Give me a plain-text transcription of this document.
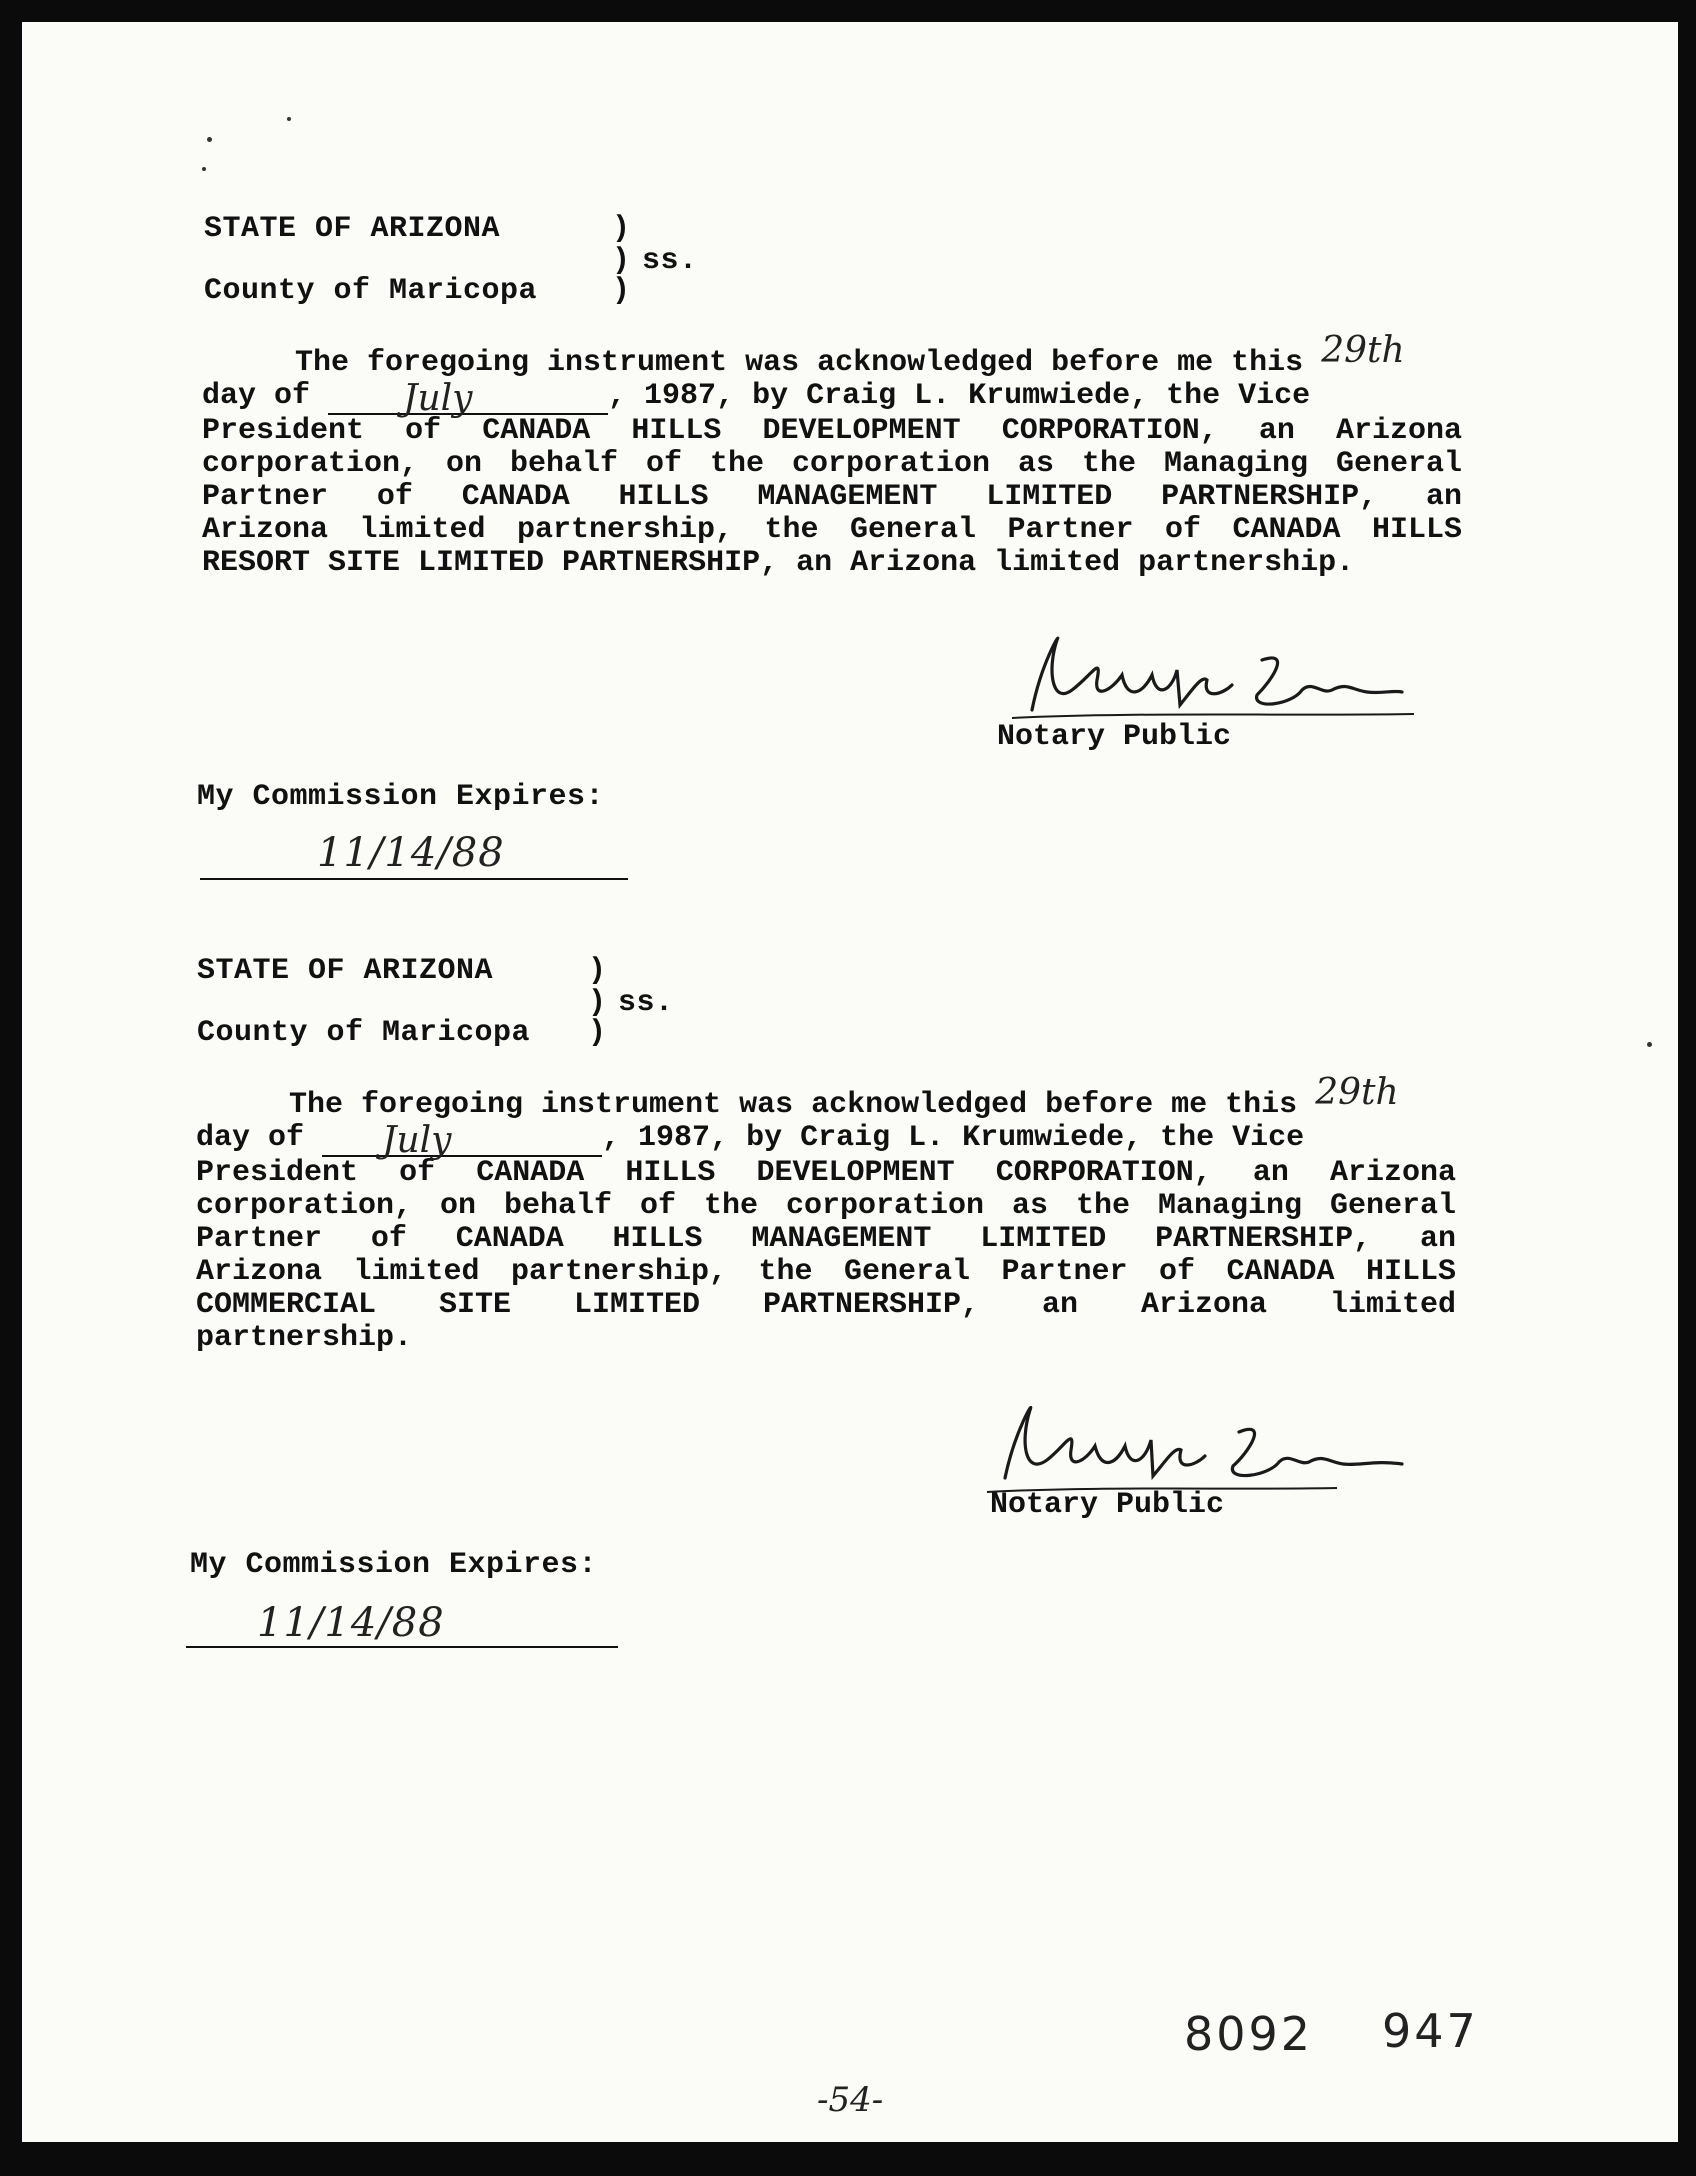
STATE OF ARIZONA	)
) ss.
County of Maricopa )
The foregoing instrument was acknowledged before me this 29th
day of	July	, 1987, by Craig L. Krumwiede, the Vice
President of CANADA HILLS DEVELOPMENT CORPORATION, an Arizona
corporation, on behalf of the corporation as the Managing General
Partner of CANADA HILLS MANAGEMENT LIMITED PARTNERSHIP, an
Arizona limited partnership, the General Partner of CANADA HILLS
RESORT SITE LIMITED PARTNERSHIP, an Arizona limited partnership.
Notary Public
My Commission Expires:
11/14/88
STATE OF ARIZONA	)
) ss.
County of Maricopa )
The foregoing instrument was acknowledged before me this 29th
day of July	, 1987, by Craig L. Krumwiede, the Vice
President of CANADA HILLS DEVELOPMENT CORPORATION, an Arizona
corporation, on behalf of the corporation as the Managing General
Partner of CANADA HILLS MANAGEMENT LIMITED PARTNERSHIP, an
Arizona limited partnership, the General Partner of CANADA HILLS
COMMERCIAL SITE LIMITED PARTNERSHIP, an Arizona limited
partnership.
Notary Public
My Commission Expires:
11/14/88
8092 947
-54-
